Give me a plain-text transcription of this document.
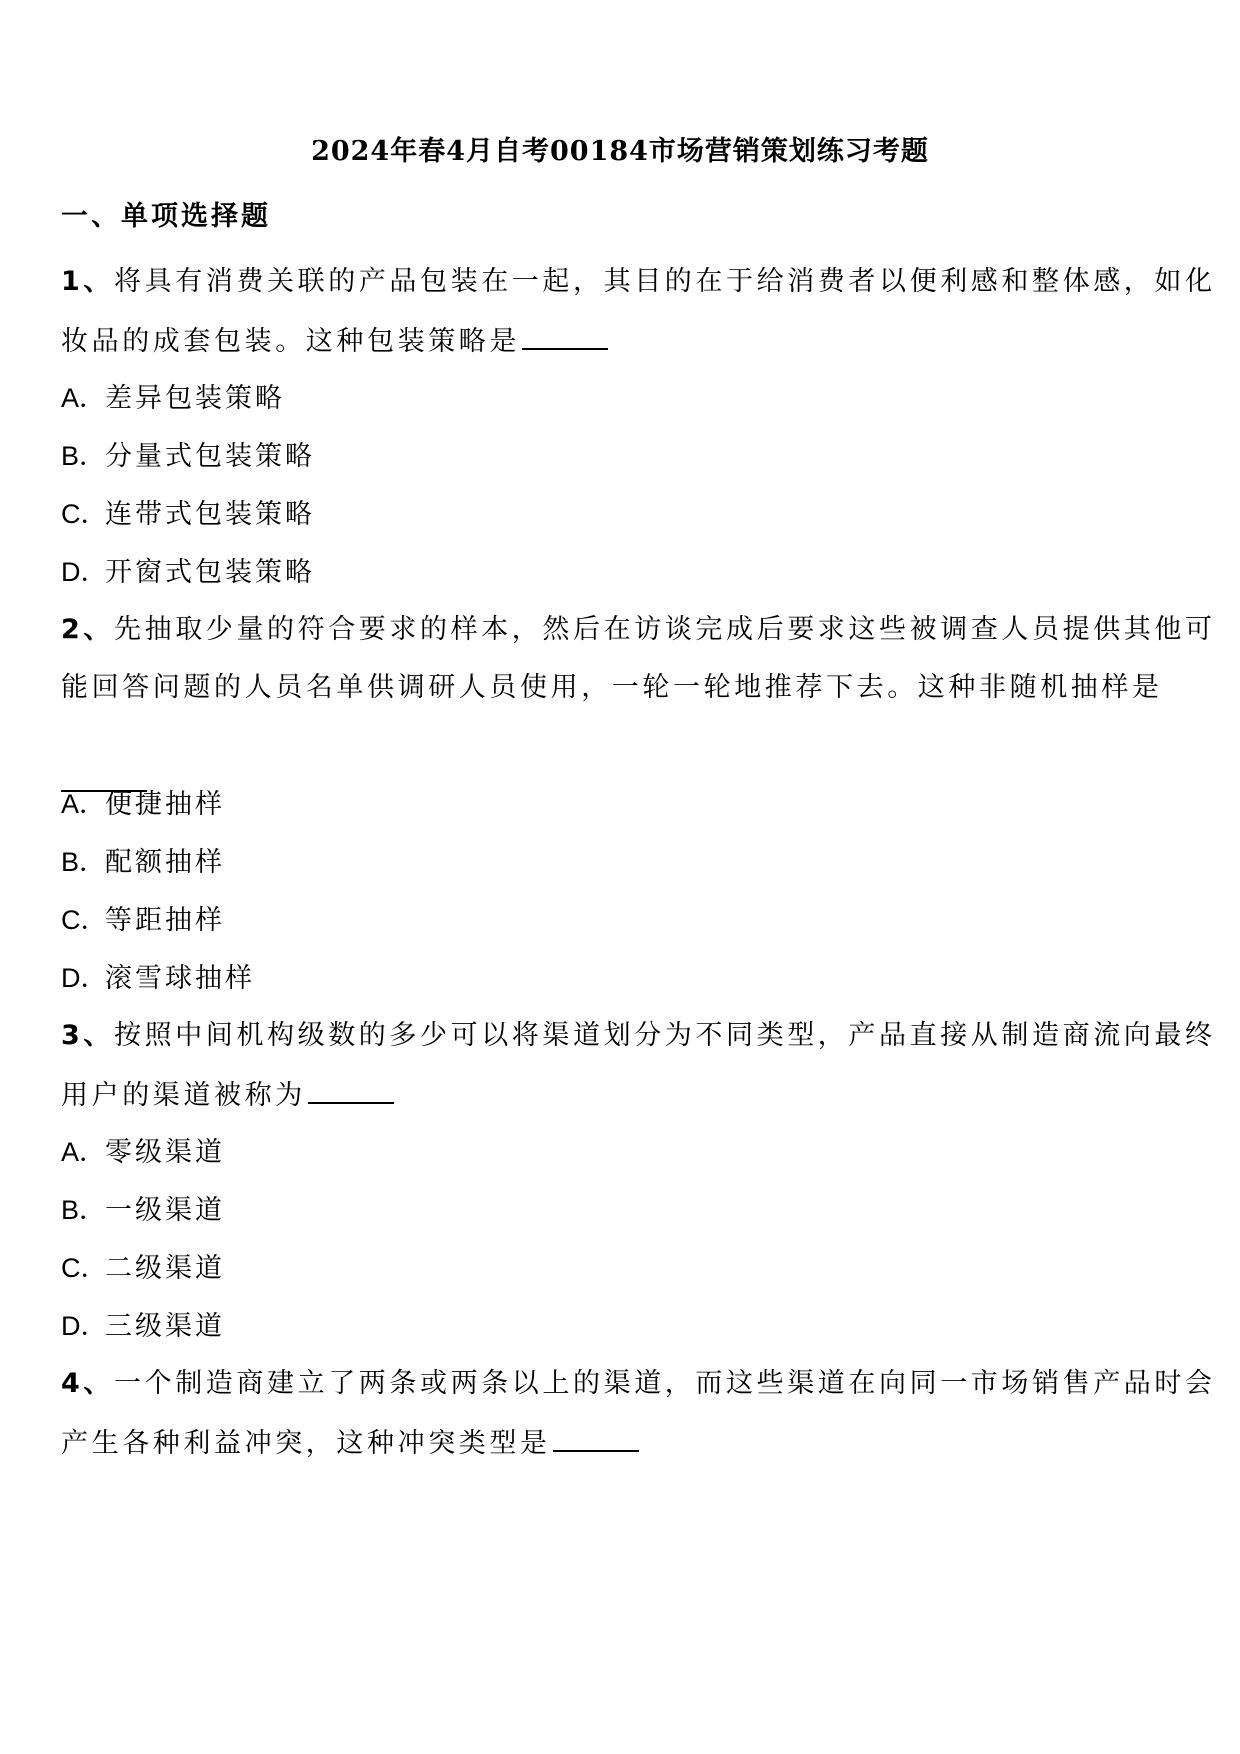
2024年春4月自考00184市场营销策划练习考题
一、单项选择题
1、将具有消费关联的产品包装在一起，其目的在于给消费者以便利感和整体感，如化
妆品的成套包装。这种包装策略是
A．差异包装策略
B．分量式包装策略
C．连带式包装策略
D．开窗式包装策略
2、先抽取少量的符合要求的样本，然后在访谈完成后要求这些被调查人员提供其他可
能回答问题的人员名单供调研人员使用，一轮一轮地推荐下去。这种非随机抽样是
A．便捷抽样
B．配额抽样
C．等距抽样
D．滚雪球抽样
3、按照中间机构级数的多少可以将渠道划分为不同类型，产品直接从制造商流向最终
用户的渠道被称为
A．零级渠道
B．一级渠道
C．二级渠道
D．三级渠道
4、一个制造商建立了两条或两条以上的渠道，而这些渠道在向同一市场销售产品时会
产生各种利益冲突，这种冲突类型是
